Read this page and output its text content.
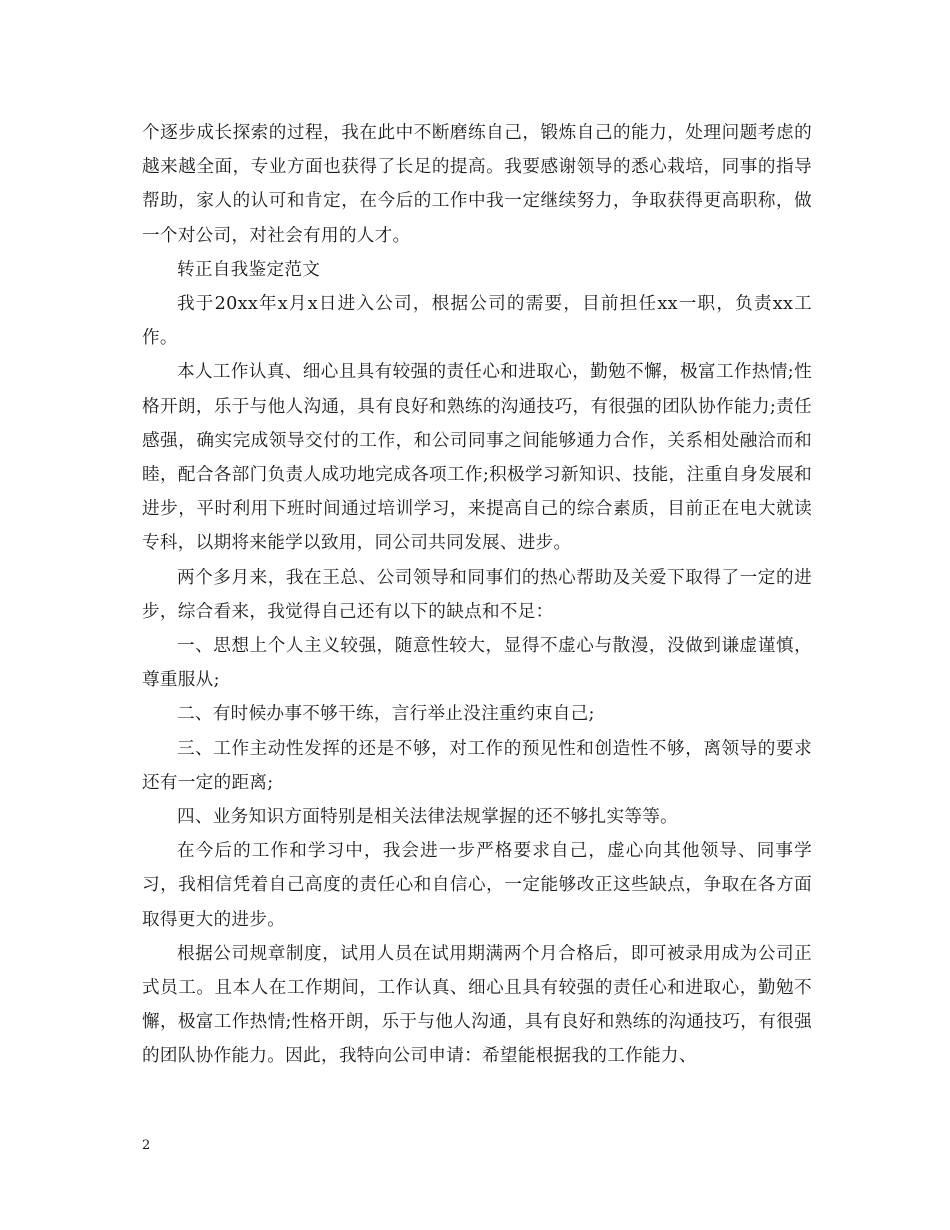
个逐步成长探索的过程，我在此中不断磨练自己，锻炼自己的能力，处理问题考虑的越来越全面，专业方面也获得了长足的提高。我要感谢领导的悉心栽培，同事的指导帮助，家人的认可和肯定，在今后的工作中我一定继续努力，争取获得更高职称，做一个对公司，对社会有用的人才。

转正自我鉴定范文

我于20xx年x月x日进入公司，根据公司的需要，目前担任xx一职，负责xx工作。

本人工作认真、细心且具有较强的责任心和进取心，勤勉不懈，极富工作热情;性格开朗，乐于与他人沟通，具有良好和熟练的沟通技巧，有很强的团队协作能力;责任感强，确实完成领导交付的工作，和公司同事之间能够通力合作，关系相处融洽而和睦，配合各部门负责人成功地完成各项工作;积极学习新知识、技能，注重自身发展和进步，平时利用下班时间通过培训学习，来提高自己的综合素质，目前正在电大就读专科，以期将来能学以致用，同公司共同发展、进步。

两个多月来，我在王总、公司领导和同事们的热心帮助及关爱下取得了一定的进步，综合看来，我觉得自己还有以下的缺点和不足：

一、思想上个人主义较强，随意性较大，显得不虚心与散漫，没做到谦虚谨慎，尊重服从;

二、有时候办事不够干练，言行举止没注重约束自己;

三、工作主动性发挥的还是不够，对工作的预见性和创造性不够，离领导的要求还有一定的距离;

四、业务知识方面特别是相关法律法规掌握的还不够扎实等等。

在今后的工作和学习中，我会进一步严格要求自己，虚心向其他领导、同事学习，我相信凭着自己高度的责任心和自信心，一定能够改正这些缺点，争取在各方面取得更大的进步。

根据公司规章制度，试用人员在试用期满两个月合格后，即可被录用成为公司正式员工。且本人在工作期间，工作认真、细心且具有较强的责任心和进取心，勤勉不懈，极富工作热情;性格开朗，乐于与他人沟通，具有良好和熟练的沟通技巧，有很强的团队协作能力。因此，我特向公司申请：希望能根据我的工作能力、

2
